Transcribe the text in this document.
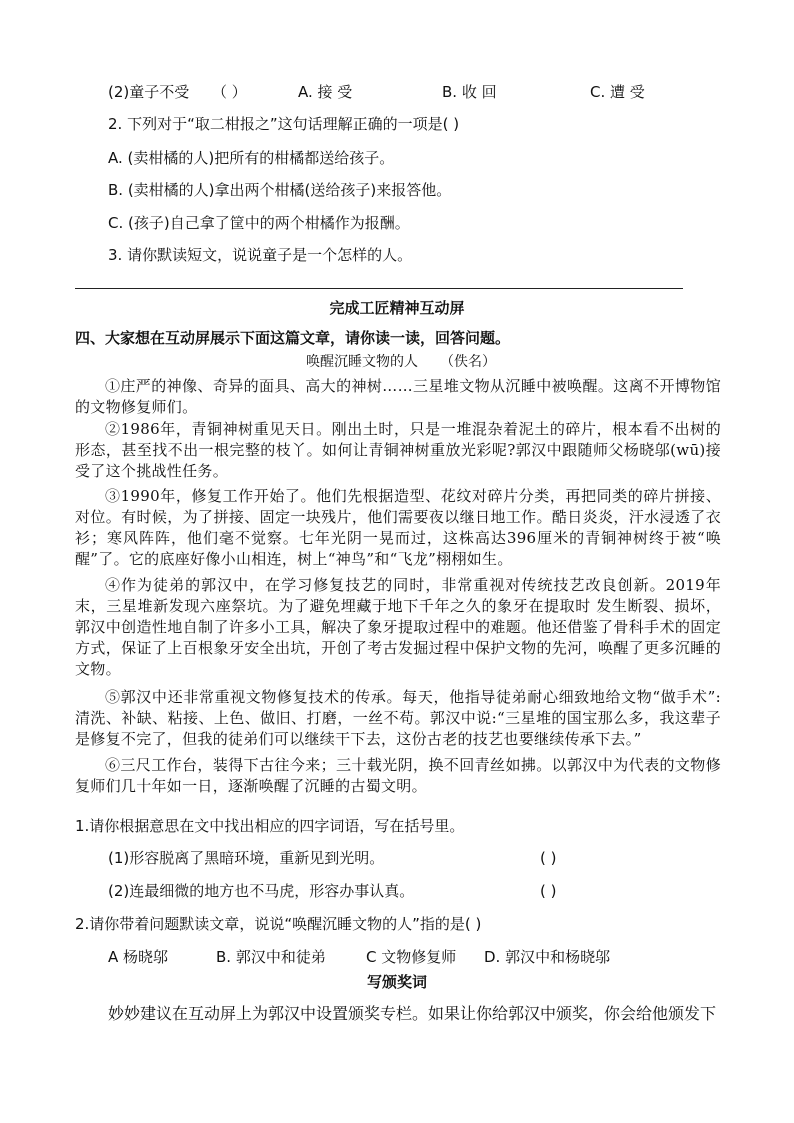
(2)童子不受 （ ）	A. 接 受	B. 收 回	C. 遭 受
2. 下列对于“取二柑报之”这句话理解正确的一项是( )
A. (卖柑橘的人)把所有的柑橘都送给孩子。
B. (卖柑橘的人)拿出两个柑橘(送给孩子)来报答他。
C. (孩子)自己拿了筐中的两个柑橘作为报酬。
3. 请你默读短文，说说童子是一个怎样的人。
完成工匠精神互动屏
四、大家想在互动屏展示下面这篇文章，请你读一读，回答问题。
唤醒沉睡文物的人 （佚名）
①庄严的神像、奇异的面具、高大的神树……三星堆文物从沉睡中被唤醒。这离不开博物馆的文物修复师们。
②1986年，青铜神树重见天日。刚出土时，只是一堆混杂着泥土的碎片，根本看不出树的形态，甚至找不出一根完整的枝丫。如何让青铜神树重放光彩呢?郭汉中跟随师父杨晓邬(wū)接受了这个挑战性任务。
③1990年，修复工作开始了。他们先根据造型、花纹对碎片分类，再把同类的碎片拼接、对位。有时候，为了拼接、固定一块残片，他们需要夜以继日地工作。酷日炎炎，汗水浸透了衣衫；寒风阵阵，他们毫不觉察。七年光阴一晃而过，这株高达396厘米的青铜神树终于被“唤醒”了。它的底座好像小山相连，树上“神鸟”和“飞龙”栩栩如生。
④作为徒弟的郭汉中，在学习修复技艺的同时，非常重视对传统技艺改良创新。2019年末，三星堆新发现六座祭坑。为了避免埋藏于地下千年之久的象牙在提取时 发生断裂、损坏，郭汉中创造性地自制了许多小工具，解决了象牙提取过程中的难题。他还借鉴了骨科手术的固定方式，保证了上百根象牙安全出坑，开创了考古发掘过程中保护文物的先河，唤醒了更多沉睡的文物。
⑤郭汉中还非常重视文物修复技术的传承。每天，他指导徒弟耐心细致地给文物“做手术”:清洗、补缺、粘接、上色、做旧、打磨，一丝不苟。郭汉中说:“三星堆的国宝那么多，我这辈子是修复不完了，但我的徒弟们可以继续干下去，这份古老的技艺也要继续传承下去。”
⑥三尺工作台，装得下古往今来；三十载光阴，换不回青丝如拂。以郭汉中为代表的文物修复师们几十年如一日，逐渐唤醒了沉睡的古蜀文明。
1.请你根据意思在文中找出相应的四字词语，写在括号里。
(1)形容脱离了黑暗环境，重新见到光明。	( )
(2)连最细微的地方也不马虎，形容办事认真。	( )
2.请你带着问题默读文章，说说“唤醒沉睡文物的人”指的是( )
A 杨晓邬	B. 郭汉中和徒弟	C 文物修复师 D. 郭汉中和杨晓邬
写颁奖词
妙妙建议在互动屏上为郭汉中设置颁奖专栏。如果让你给郭汉中颁奖，你会给他颁发下
